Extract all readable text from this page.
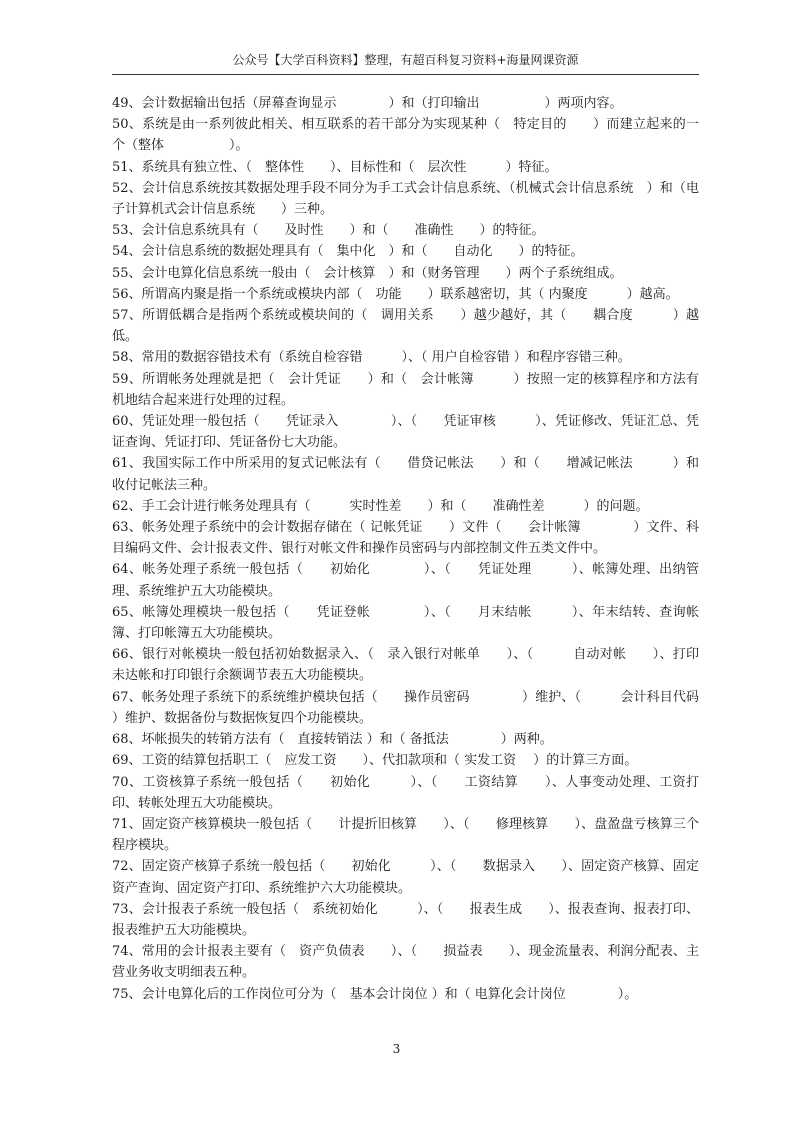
公众号【大学百科资料】整理，有超百科复习资料+海量网课资源

49、会计数据输出包括（屏幕查询显示　　　　）和（打印输出　　　　　）两项内容。

50、系统是由一系列彼此相关、相互联系的若干部分为实现某种（　特定目的　　）而建立起来的一个（整体　　　　　）。

51、系统具有独立性、（　整体性　　）、目标性和（　层次性　　　）特征。

52、会计信息系统按其数据处理手段不同分为手工式会计信息系统、（机械式会计信息系统　）和（电子计算机式会计信息系统　　）三种。

53、会计信息系统具有（　　及时性　　）和（　　准确性　　）的特征。

54、会计信息系统的数据处理具有（　集中化　）和（　　自动化　　）的特征。

55、会计电算化信息系统一般由（　会计核算　）和（财务管理　　）两个子系统组成。

56、所谓高内聚是指一个系统或模块内部（　功能　　）联系越密切，其（ 内聚度　　　）越高。

57、所谓低耦合是指两个系统或模块间的（　调用关系　　）越少越好，其（　　耦合度　　　）越低。

58、常用的数据容错技术有（系统自检容错　　　）、（ 用户自检容错 ）和程序容错三种。

59、所谓帐务处理就是把（　会计凭证　　）和（　会计帐簿　　　）按照一定的核算程序和方法有机地结合起来进行处理的过程。

60、凭证处理一般包括（　　凭证录入　　　　）、（　　凭证审核　　　）、凭证修改、凭证汇总、凭证查询、凭证打印、凭证备份七大功能。

61、我国实际工作中所采用的复式记帐法有（　　借贷记帐法　　）和（　　增减记帐法　　　）和收付记帐法三种。

62、手工会计进行帐务处理具有（　　　实时性差　　）和（　　准确性差　　　）的问题。

63、帐务处理子系统中的会计数据存储在（ 记帐凭证　　）文件（　　会计帐簿　　　　）文件、科目编码文件、会计报表文件、银行对帐文件和操作员密码与内部控制文件五类文件中。

64、帐务处理子系统一般包括（　　初始化　　　　）、（　　凭证处理　　　）、帐簿处理、出纳管理、系统维护五大功能模块。

65、帐簿处理模块一般包括（　　凭证登帐　　　　）、（　　月末结帐　　　）、年末结转、查询帐簿、打印帐簿五大功能模块。

66、银行对帐模块一般包括初始数据录入、（　录入银行对帐单　　）、（　　　自动对帐　　）、打印未达帐和打印银行余额调节表五大功能模块。

67、帐务处理子系统下的系统维护模块包括（　　操作员密码　　　　）维护、（　　　会计科目代码　　）维护、数据备份与数据恢复四个功能模块。

68、坏帐损失的转销方法有（　直接转销法 ）和（ 备抵法　　　　）两种。

69、工资的结算包括职工（　应发工资　　）、代扣款项和（ 实发工资　 ）的计算三方面。

70、工资核算子系统一般包括（　　初始化　　　）、（　　工资结算　　）、人事变动处理、工资打印、转帐处理五大功能模块。

71、固定资产核算模块一般包括（　　计提折旧核算　　）、（　　修理核算　　）、盘盈盘亏核算三个程序模块。

72、固定资产核算子系统一般包括（　　初始化　　　）、（　　数据录入　　）、固定资产核算、固定资产查询、固定资产打印、系统维护六大功能模块。

73、会计报表子系统一般包括（　系统初始化　　　）、（　　报表生成　　）、报表查询、报表打印、报表维护五大功能模块。

74、常用的会计报表主要有（　资产负债表　　）、（　　损益表　　）、现金流量表、利润分配表、主营业务收支明细表五种。

75、会计电算化后的工作岗位可分为（　基本会计岗位 ）和（ 电算化会计岗位　　　　）。

3
